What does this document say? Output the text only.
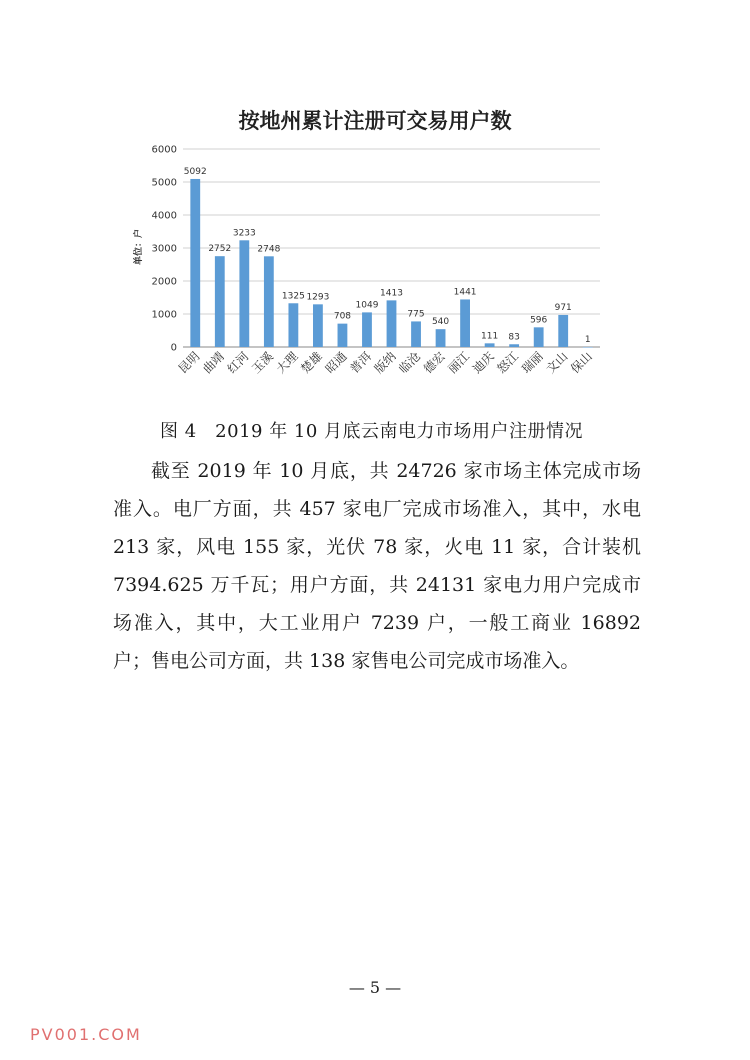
按地州累计注册可交易用户数
单位：户
0
1000
2000
3000
4000
5000
6000
5092
2752
3233
2748
1325 1293
708
1049
1413
775
540
1441
111 83
596
971
1
昆明
曲靖
红河
玉溪
大理
楚雄
昭通
普洱
版纳
临沧
德宏
丽江
迪庆
怒江
瑞丽
文山
保山
图 4　2019 年 10 月底云南电力市场用户注册情况

截至 2019 年 10 月底，共 24726 家市场主体完成市场准入。电厂方面，共 457 家电厂完成市场准入，其中，水电 213 家，风电 155 家，光伏 78 家，火电 11 家，合计装机 7394.625 万千瓦；用户方面，共 24131 家电力用户完成市场准入，其中，大工业用户 7239 户，一般工商业 16892 户；售电公司方面，共 138 家售电公司完成市场准入。

— 5 —
PV001.COM
